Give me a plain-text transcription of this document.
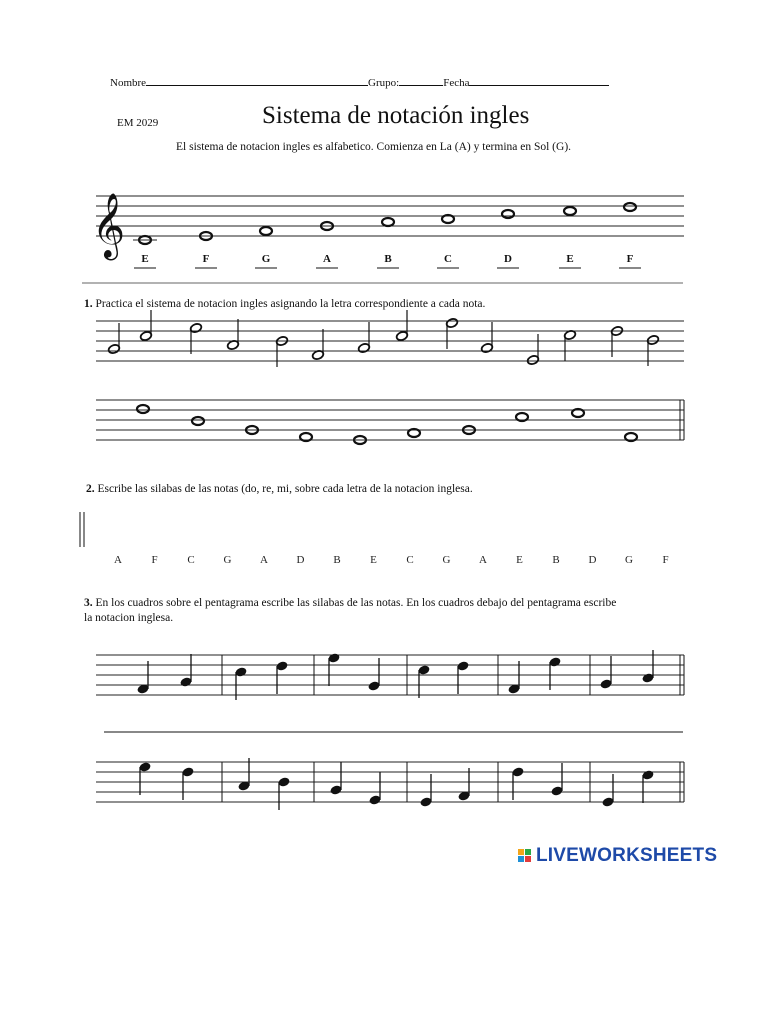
Nombre	Grupo:	Fecha
EM 2029	Sistema de notación ingles
El sistema de notacion ingles es alfabetico. Comienza en La (A) y termina en Sol (G).
1. Practica el sistema de notacion ingles asignando la letra correspondiente a cada nota.
2. Escribe las silabas de las notas (do, re, mi, sobre cada letra de la notacion inglesa.
3. En los cuadros sobre el pentagrama escribe las silabas de las notas. En los cuadros debajo del pentagrama escribe
la notacion inglesa.
𝄞
E	F	G	A	B	C	D	E	F
A	F	C	G	A	D	B	E	C	G	A	E	B	D	G	F
LIVEWORKSHEETS
